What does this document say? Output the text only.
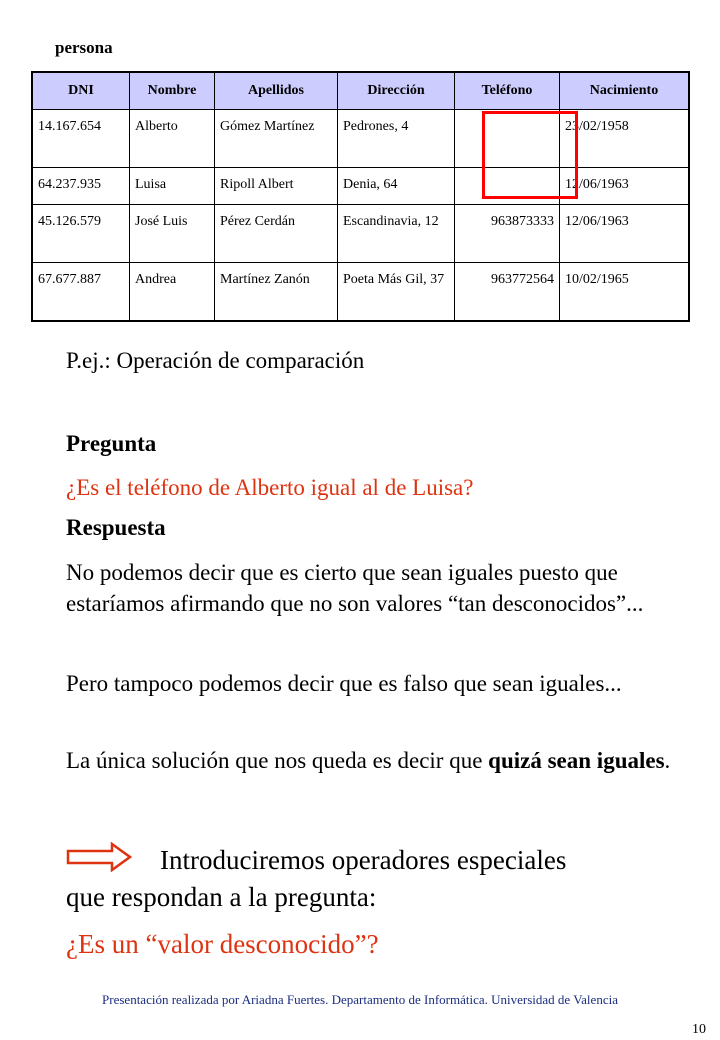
persona
DNI	Nombre	Apellidos	Dirección	Teléfono	Nacimiento
14.167.654	Alberto	Gómez Martínez	Pedrones, 4		23/02/1958
64.237.935	Luisa	Ripoll Albert	Denia, 64		12/06/1963
45.126.579	José Luis	Pérez Cerdán	Escandinavia, 12	963873333	12/06/1963
67.677.887	Andrea	Martínez Zanón	Poeta Más Gil, 37	963772564	10/02/1965
P.ej.: Operación de comparación
Pregunta
¿Es el teléfono de Alberto igual al de Luisa?
Respuesta
No podemos decir que es cierto que sean iguales puesto que estaríamos afirmando que no son valores “tan desconocidos”...
Pero tampoco podemos decir que es falso que sean iguales...
La única solución que nos queda es decir que quizá sean iguales.
Introduciremos operadores especiales
que respondan a la pregunta:
¿Es un “valor desconocido”?
Presentación realizada por Ariadna Fuertes. Departamento de Informática. Universidad de Valencia
10
